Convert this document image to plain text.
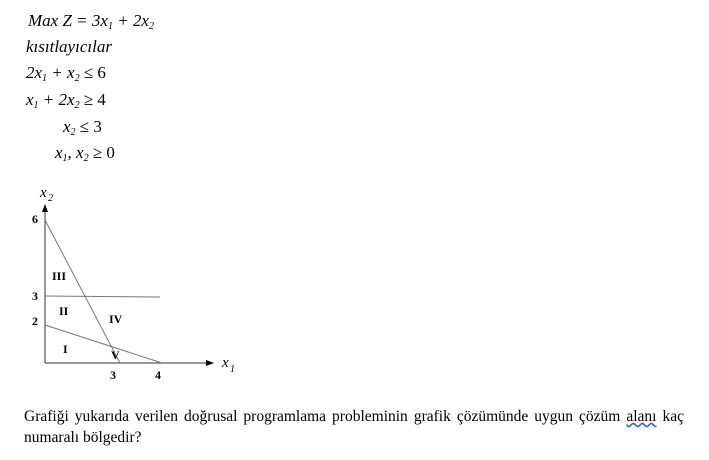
Max $Z = 3x_1 + 2x_2$
kısıtlayıcılar
$2x_1 + x_2 \le 6$
$x_1 + 2x_2 \ge 4$
$x_2 \le 3$
$x_1$, $x_2 \ge 0$
x 2
x 1
6
3
2
3	4
I
II
III
IV
V
Grafiği yukarıda verilen doğrusal programlama probleminin grafik çözümünde uygun çözüm alanı kaç numaralı bölgedir?
